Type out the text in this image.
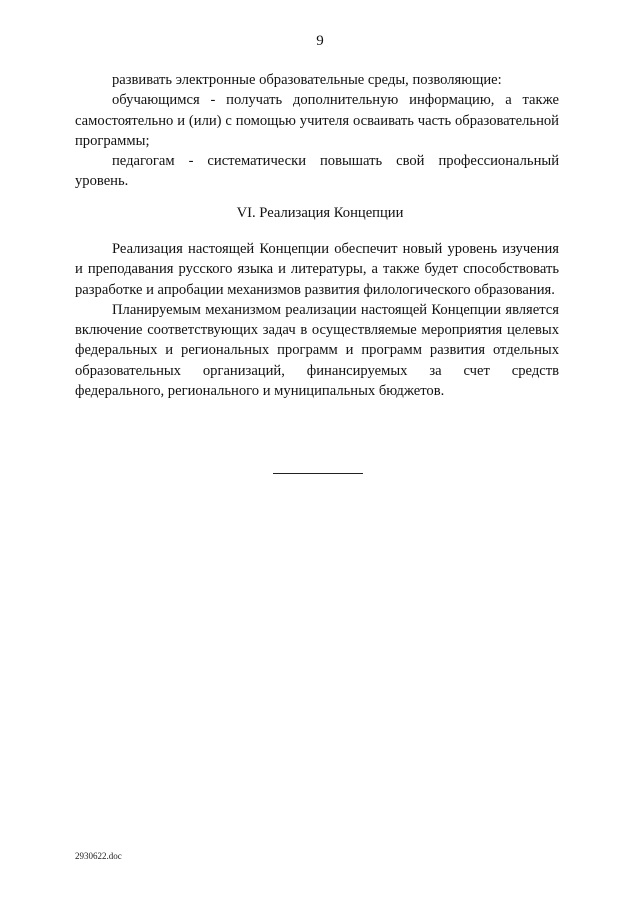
9

развивать электронные образовательные среды, позволяющие:

обучающимся - получать дополнительную информацию, а также самостоятельно и (или) с помощью учителя осваивать часть образовательной программы;

педагогам - систематически повышать свой профессиональный уровень.

VI. Реализация Концепции

Реализация настоящей Концепции обеспечит новый уровень изучения и преподавания русского языка и литературы, а также будет способствовать разработке и апробации механизмов развития филологического образования.

Планируемым механизмом реализации настоящей Концепции является включение соответствующих задач в осуществляемые мероприятия целевых федеральных и региональных программ и программ развития отдельных образовательных организаций, финансируемых за счет средств федерального, регионального и муниципальных бюджетов.

2930622.doc
